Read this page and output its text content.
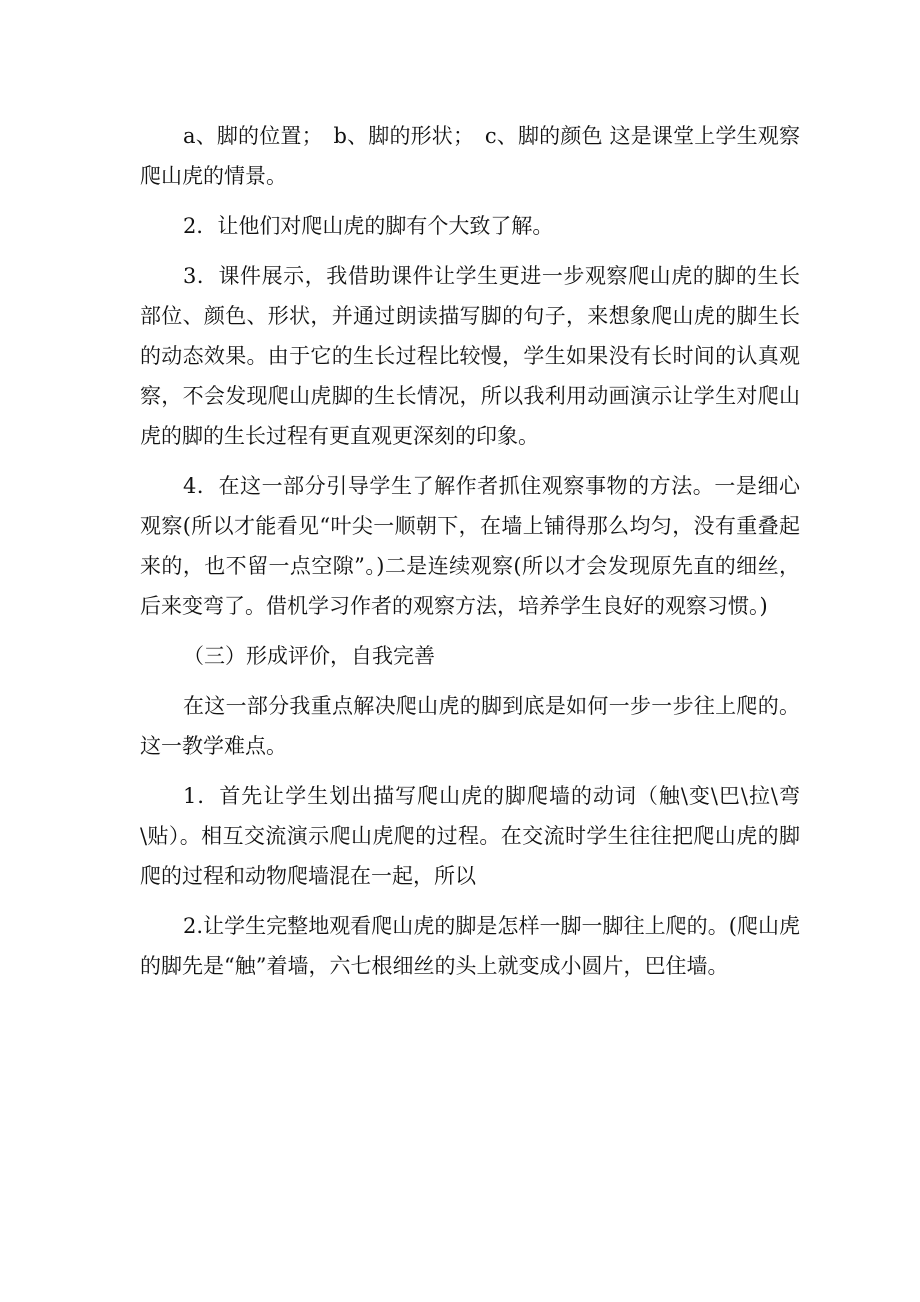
a、脚的位置；　b、脚的形状；　c、脚的颜色 这是课堂上学生观察爬山虎的情景。

2．让他们对爬山虎的脚有个大致了解。

3．课件展示，我借助课件让学生更进一步观察爬山虎的脚的生长部位、颜色、形状，并通过朗读描写脚的句子，来想象爬山虎的脚生长的动态效果。由于它的生长过程比较慢，学生如果没有长时间的认真观察，不会发现爬山虎脚的生长情况，所以我利用动画演示让学生对爬山虎的脚的生长过程有更直观更深刻的印象。

4．在这一部分引导学生了解作者抓住观察事物的方法。一是细心观察(所以才能看见“叶尖一顺朝下，在墙上铺得那么均匀，没有重叠起来的，也不留一点空隙”。)二是连续观察(所以才会发现原先直的细丝，后来变弯了。借机学习作者的观察方法，培养学生良好的观察习惯。)

（三）形成评价，自我完善

在这一部分我重点解决爬山虎的脚到底是如何一步一步往上爬的。这一教学难点。

1．首先让学生划出描写爬山虎的脚爬墙的动词（触\变\巴\拉\弯\贴）。相互交流演示爬山虎爬的过程。在交流时学生往往把爬山虎的脚爬的过程和动物爬墙混在一起，所以

2.让学生完整地观看爬山虎的脚是怎样一脚一脚往上爬的。(爬山虎的脚先是“触”着墙，六七根细丝的头上就变成小圆片，巴住墙。
